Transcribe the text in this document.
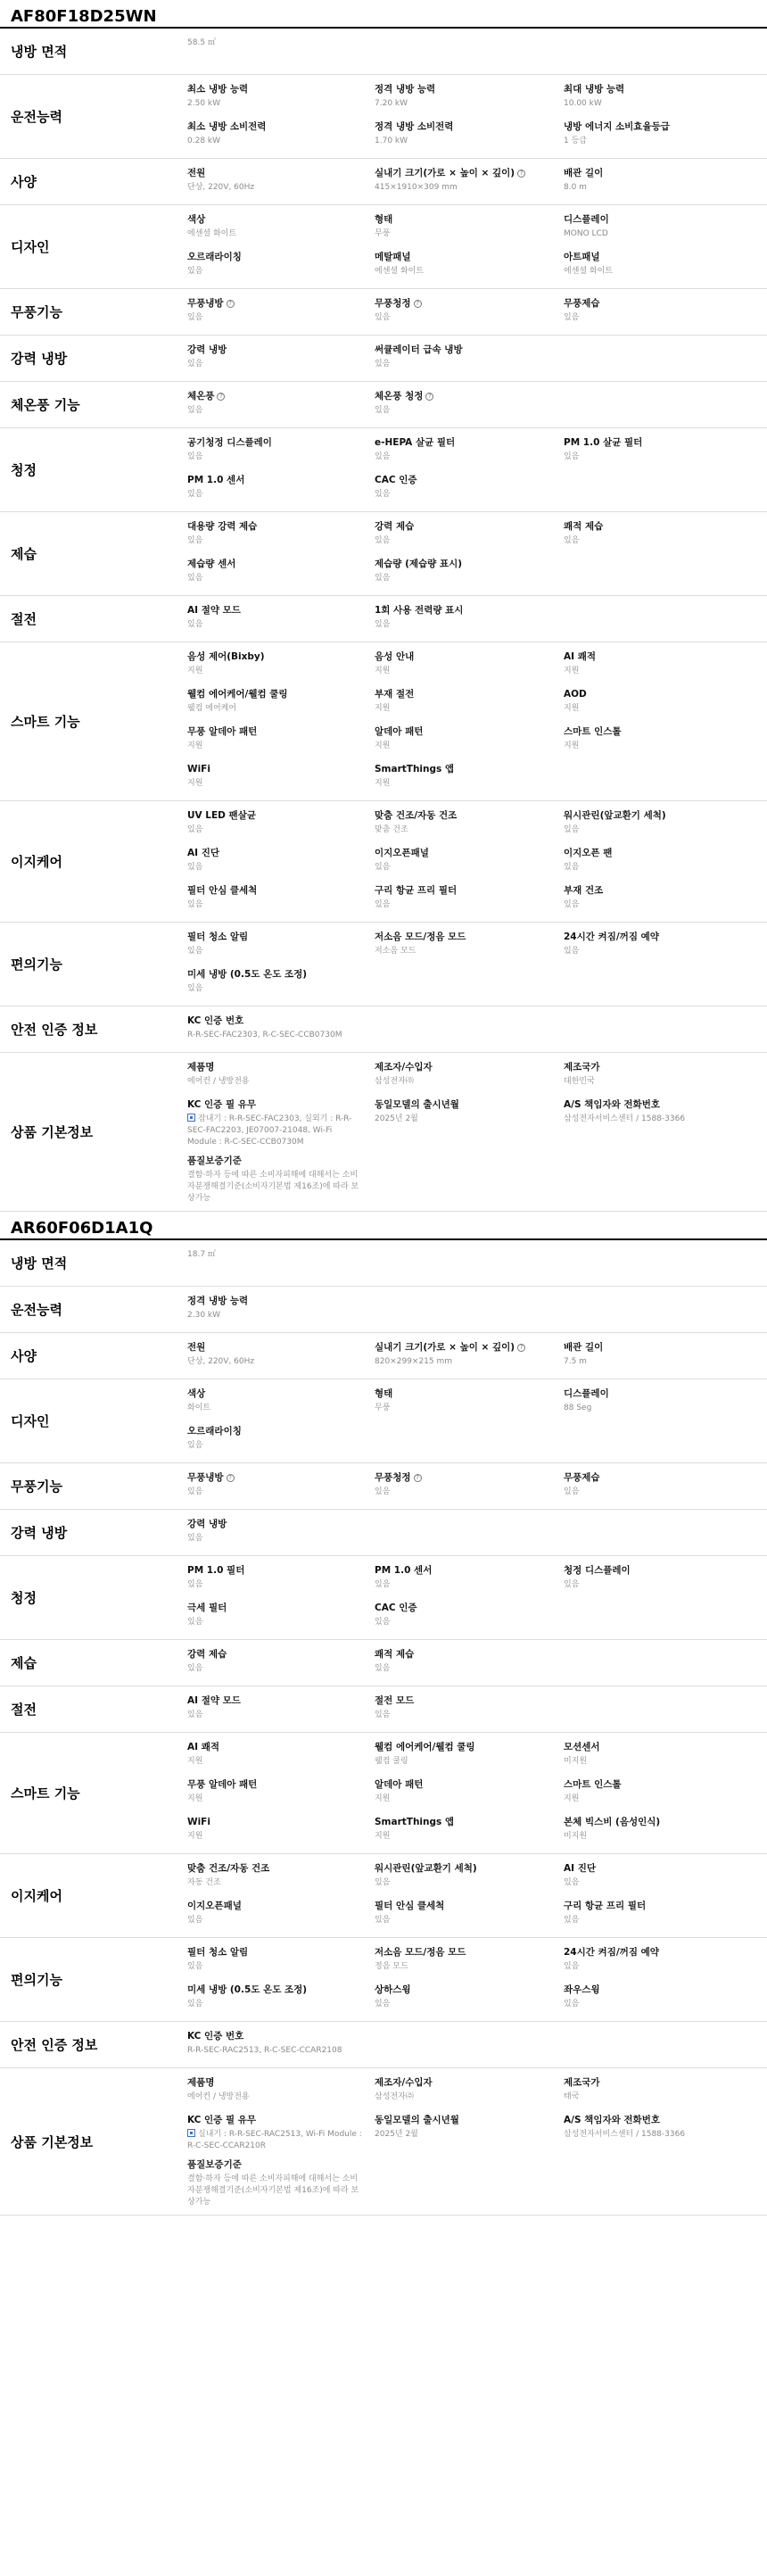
AF80F18D25WN
냉방 면적
58.5 ㎡
운전능력
최소 냉방 능력
2.50 kW
정격 냉방 능력
7.20 kW
최대 냉방 능력
10.00 kW
최소 냉방 소비전력
0.28 kW
정격 냉방 소비전력
1.70 kW
냉방 에너지 소비효율등급
1 등급
사양
전원
단상, 220V, 60Hz
실내기 크기(가로 × 높이 × 깊이) ?
415×1910×309 mm
배관 길이
8.0 m
디자인
색상
에센셜 화이트
형태
무풍
디스플레이
MONO LCD
오르래라이칭
있음
메탈패널
에센셜 화이트
아트패널
에센셜 화이트
무풍기능
무풍냉방 ?
있음
무풍청정 ?
있음
무풍제습
있음
강력 냉방
강력 냉방
있음
써큘레이터 급속 냉방
있음
체온풍 기능
체온풍 ?
있음
체온풍 청정 ?
있음
청정
공기청정 디스플레이
있음
e-HEPA 살균 필터
있음
PM 1.0 살균 필터
있음
PM 1.0 센서
있음
CAC 인증
있음
제습
대용량 강력 제습
있음
강력 제습
있음
쾌적 제습
있음
제습량 센서
있음
제습량 (제습량 표시)
있음
절전
AI 절약 모드
있음
1회 사용 전력량 표시
있음
스마트 기능
음성 제어(Bixby)
지원
음성 안내
지원
AI 쾌적
지원
웰컴 에어케어/웰컴 쿨링
웰컴 에어케어
부재 절전
지원
AOD
지원
무풍 알데아 패턴
지원
알데아 패턴
지원
스마트 인스톨
지원
WiFi
지원
SmartThings 앱
지원
이지케어
UV LED 팬살균
있음
맞춤 건조/자동 건조
맞춤 건조
워시관린(앞교환기 세척)
있음
AI 진단
있음
이지오픈패널
있음
이지오픈 팬
있음
필터 안심 클세척
있음
구리 항균 프리 필터
있음
부재 건조
있음
편의기능
필터 청소 알림
있음
저소음 모드/정음 모드
저소음 모드
24시간 켜짐/꺼짐 예약
있음
미세 냉방 (0.5도 온도 조정)
있음
안전 인증 정보
KC 인증 번호
R-R-SEC-FAC2303, R-C-SEC-CCB0730M
상품 기본정보
제품명
에어컨 / 냉방전용
제조자/수입자
삼성전자㈜
제조국가
대한민국
KC 인증 필 유무
잠내기 : R-R-SEC-FAC2303, 실외기 : R-R-SEC-FAC2203, JE07007-21048, Wi-Fi Module : R-C-SEC-CCB0730M
동일모델의 출시년월
2025년 2월
A/S 책임자와 전화번호
삼성전자서비스센터 / 1588-3366
품질보증기준
결함·하자 등에 따른 소비자피해에 대해서는 소비자분쟁해결기준(소비자기본법 제16조)에 따라 보상가능
AR60F06D1A1Q
냉방 면적
18.7 ㎡
운전능력
정격 냉방 능력
2.30 kW
사양
전원
단상, 220V, 60Hz
실내기 크기(가로 × 높이 × 깊이) ?
820×299×215 mm
배관 길이
7.5 m
디자인
색상
화이트
형태
무풍
디스플레이
88 Seg
오르래라이칭
있음
무풍기능
무풍냉방 ?
있음
무풍청정 ?
있음
무풍제습
있음
강력 냉방
강력 냉방
있음
청정
PM 1.0 필터
있음
PM 1.0 센서
있음
청정 디스플레이
있음
극세 필터
있음
CAC 인증
있음
제습
강력 제습
있음
쾌적 제습
있음
절전
AI 절약 모드
있음
절전 모드
있음
스마트 기능
AI 쾌적
지원
웰컴 에어케어/웰컴 쿨링
웰컴 쿨링
모션센서
미지원
무풍 알데아 패턴
지원
알데아 패턴
지원
스마트 인스톨
지원
WiFi
지원
SmartThings 앱
지원
본체 빅스비 (음성인식)
미지원
이지케어
맞춤 건조/자동 건조
자동 건조
워시관린(앞교환기 세척)
있음
AI 진단
있음
이지오픈패널
있음
필터 안심 클세척
있음
구리 항균 프리 필터
있음
편의기능
필터 청소 알림
있음
저소음 모드/정음 모드
정음 모드
24시간 켜짐/꺼짐 예약
있음
미세 냉방 (0.5도 온도 조정)
있음
상하스윙
있음
좌우스윙
있음
안전 인증 정보
KC 인증 번호
R-R-SEC-RAC2513, R-C-SEC-CCAR2108
상품 기본정보
제품명
에어컨 / 냉방전용
제조자/수입자
삼성전자㈜
제조국가
태국
KC 인증 필 유무
실내기 : R-R-SEC-RAC2513, Wi-Fi Module : R-C-SEC-CCAR210R
동일모델의 출시년월
2025년 2월
A/S 책임자와 전화번호
삼성전자서비스센터 / 1588-3366
품질보증기준
결함·하자 등에 따른 소비자피해에 대해서는 소비자분쟁해결기준(소비자기본법 제16조)에 따라 보상가능
